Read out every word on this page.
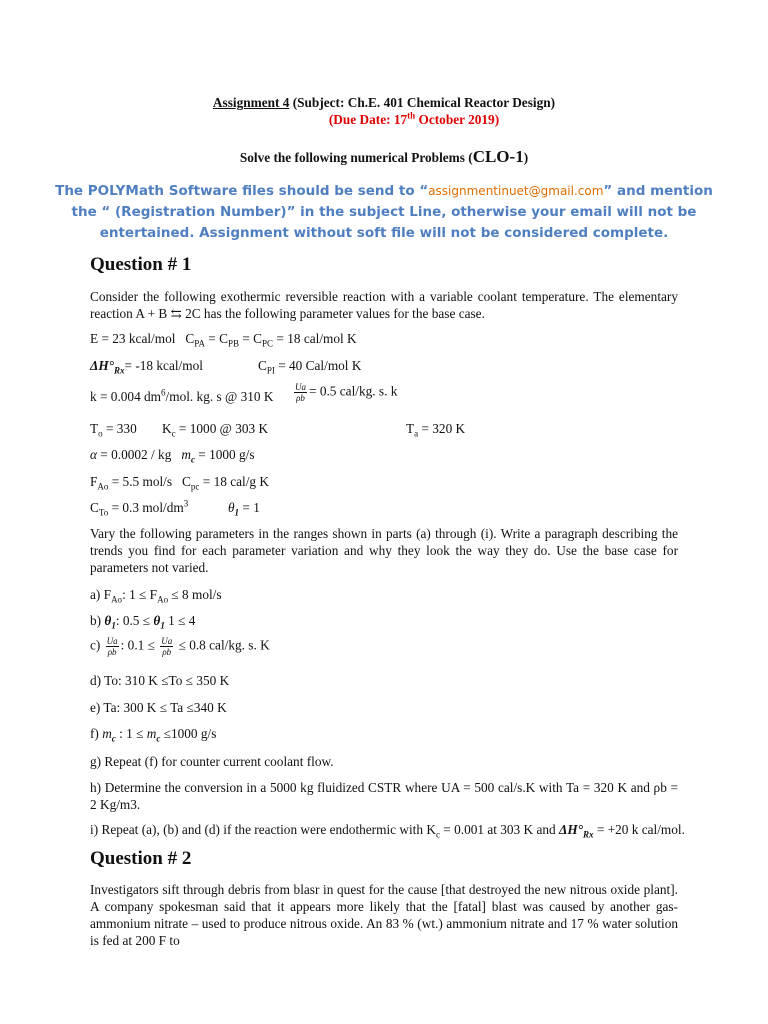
Assignment 4 (Subject: Ch.E. 401 Chemical Reactor Design)
(Due Date: 17th October 2019)
Solve the following numerical Problems (CLO-1)
The POLYMath Software files should be send to “assignmentinuet@gmail.com” and mention
the “ (Registration Number)” in the subject Line, otherwise your email will not be
entertained. Assignment without soft file will not be considered complete.
Question # 1
Consider the following exothermic reversible reaction with a variable coolant temperature. The elementary reaction A + B ⇆ 2C has the following parameter values for the base case.
E = 23 kcal/mol $C_{PA} = C_{PB} = C_{PC} = 18$ cal/mol K
$\Delta H^\circ_{Rx}= -18$ kcal/mol	$C_{PI} = 40$ Cal/mol K
k = 0.004 $dm^6$/mol. kg. s @ 310 K $\frac{Ua}{\rho b} = 0.5$ cal/kg. s. k
$T_o = 330$ $K_c = 1000$ @ 303 K	$T_a = 320$ K
α = 0.0002 / kg $m_c = 1000$ g/s
$F_{Ao} = 5.5$ mol/s $C_{pc} = 18$ cal/g K
$C_{To} = 0.3$ mol/$dm^3$	$\theta_1 = 1$
Vary the following parameters in the ranges shown in parts (a) through (i). Write a paragraph describing the trends you find for each parameter variation and why they look the way they do. Use the base case for parameters not varied.
a) $F_{Ao}$: $1 \le F_{Ao} \le 8$ mol/s
b) $\theta_1$: $0.5 \le \theta_1$ 1 ≤ 4
$c) \frac{Ua}{\rho b}$ : $0.1 \le \frac{Ua}{\rho b} \le 0.8$ cal/kg. s. K
d) To: 310 K ≤To ≤ 350 K
e) Ta: 300 K ≤ Ta ≤340 K
f) $m_c$ : $1 \le m_c \le 1000$ g/s
g) Repeat (f) for counter current coolant flow.
h) Determine the conversion in a 5000 kg fluidized CSTR where UA = 500 cal/s.K with Ta = 320 K and ρb = 2 Kg/m3.
i) Repeat (a), (b) and (d) if the reaction were endothermic with $K_c = 0.001$ at 303 K and $\Delta H^\circ_{Rx} = +20$ k cal/mol.
Question # 2
Investigators sift through debris from blasr in quest for the cause [that destroyed the new nitrous oxide plant]. A company spokesman said that it appears more likely that the [fatal] blast was caused by another gas- ammonium nitrate – used to produce nitrous oxide. An 83 % (wt.) ammonium nitrate and 17 % water solution is fed at 200 F to
